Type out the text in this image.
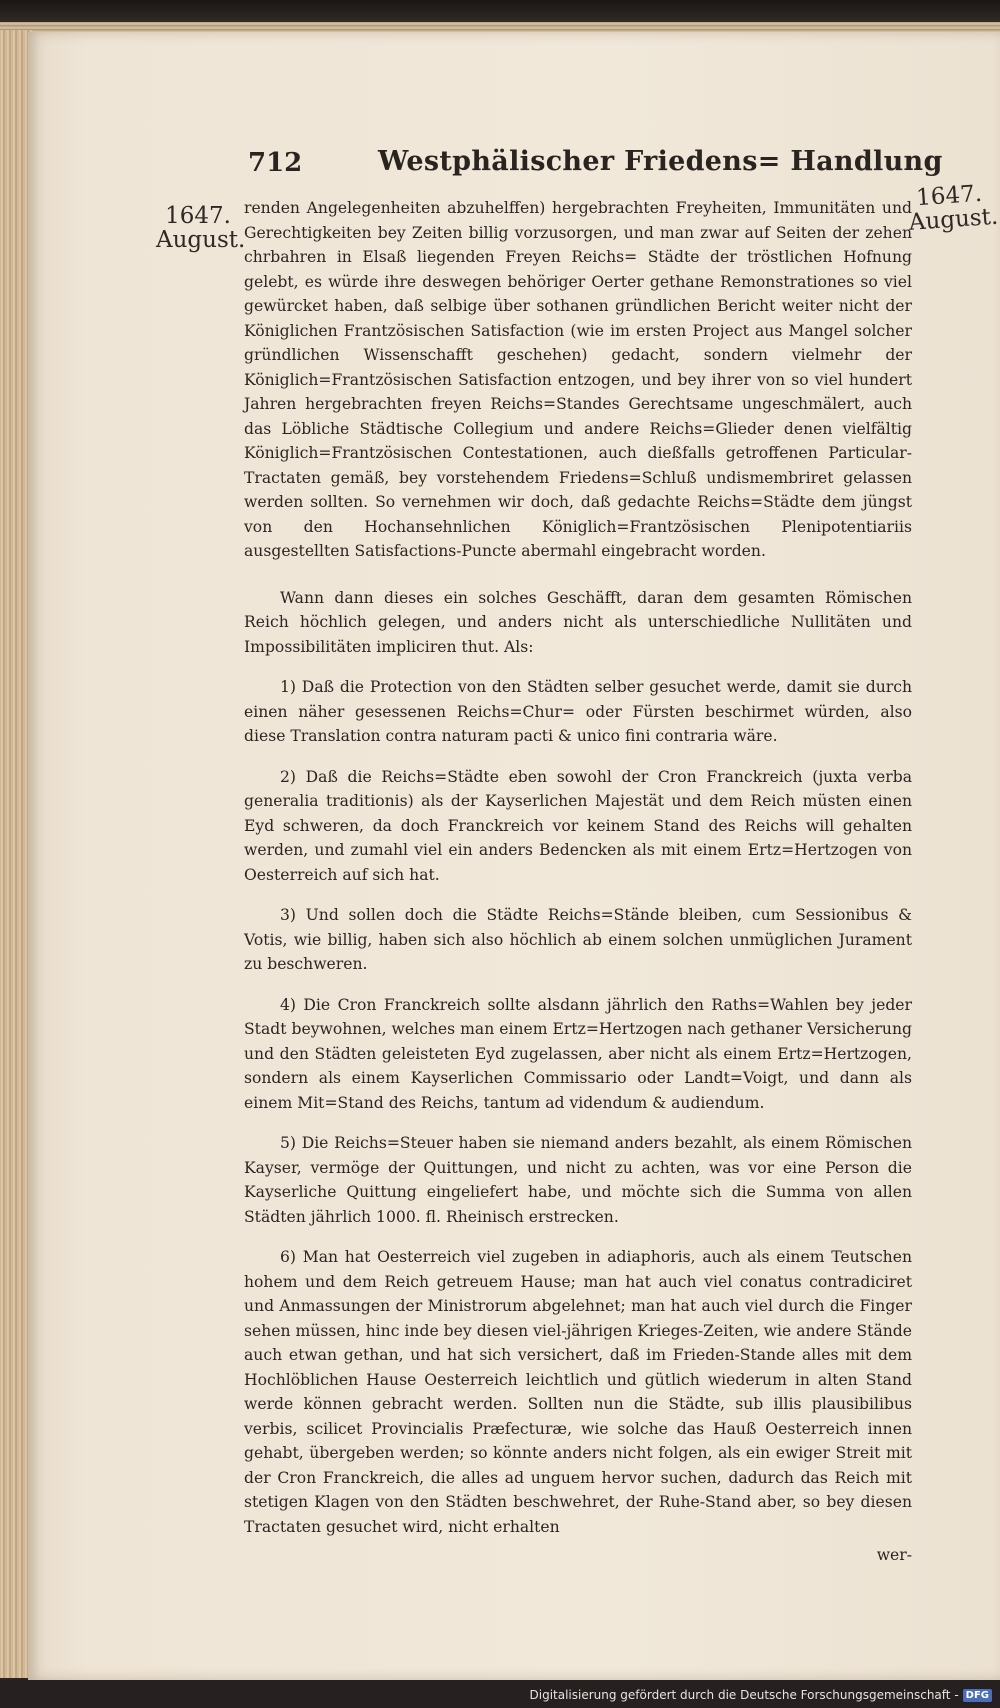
712	Westphälischer Friedens= Handlung
1647.
August.
1647.
August.

renden Angelegenheiten abzuhelffen) hergebrachten Freyheiten, Immunitäten und Gerechtigkeiten bey Zeiten billig vorzusorgen, und man zwar auf Seiten der zehen chrbahren in Elsaß liegenden Freyen Reichs= Städte der tröstlichen Hofnung gelebt, es würde ihre deswegen behöriger Oerter gethane Remonstrationes so viel gewürcket haben, daß selbige über sothanen gründlichen Bericht weiter nicht der Königlichen Frantzösischen Satisfaction (wie im ersten Project aus Mangel solcher gründlichen Wissenschafft geschehen) gedacht, sondern vielmehr der Königlich=Frantzösischen Satisfaction entzogen, und bey ihrer von so viel hundert Jahren hergebrachten freyen Reichs=Standes Gerechtsame ungeschmälert, auch das Löbliche Städtische Collegium und andere Reichs=Glieder denen vielfältig Königlich=Frantzösischen Contestationen, auch dießfalls getroffenen Particular-Tractaten gemäß, bey vorstehendem Friedens=Schluß undismembriret gelassen werden sollten. So vernehmen wir doch, daß gedachte Reichs=Städte dem jüngst von den Hochansehnlichen Königlich=Frantzösischen Plenipotentiariis ausgestellten Satisfactions-Puncte abermahl eingebracht worden.

Wann dann dieses ein solches Geschäfft, daran dem gesamten Römischen Reich höchlich gelegen, und anders nicht als unterschiedliche Nullitäten und Impossibilitäten impliciren thut. Als:

1) Daß die Protection von den Städten selber gesuchet werde, damit sie durch einen näher gesessenen Reichs=Chur= oder Fürsten beschirmet würden, also diese Translation contra naturam pacti & unico fini contraria wäre.

2) Daß die Reichs=Städte eben sowohl der Cron Franckreich (juxta verba generalia traditionis) als der Kayserlichen Majestät und dem Reich müsten einen Eyd schweren, da doch Franckreich vor keinem Stand des Reichs will gehalten werden, und zumahl viel ein anders Bedencken als mit einem Ertz=Hertzogen von Oesterreich auf sich hat.

3) Und sollen doch die Städte Reichs=Stände bleiben, cum Sessionibus & Votis, wie billig, haben sich also höchlich ab einem solchen unmüglichen Jurament zu beschweren.

4) Die Cron Franckreich sollte alsdann jährlich den Raths=Wahlen bey jeder Stadt beywohnen, welches man einem Ertz=Hertzogen nach gethaner Versicherung und den Städten geleisteten Eyd zugelassen, aber nicht als einem Ertz=Hertzogen, sondern als einem Kayserlichen Commissario oder Landt=Voigt, und dann als einem Mit=Stand des Reichs, tantum ad videndum & audiendum.

5) Die Reichs=Steuer haben sie niemand anders bezahlt, als einem Römischen Kayser, vermöge der Quittungen, und nicht zu achten, was vor eine Person die Kayserliche Quittung eingeliefert habe, und möchte sich die Summa von allen Städten jährlich 1000. fl. Rheinisch erstrecken.

6) Man hat Oesterreich viel zugeben in adiaphoris, auch als einem Teutschen hohem und dem Reich getreuem Hause; man hat auch viel conatus contradiciret und Anmassungen der Ministrorum abgelehnet; man hat auch viel durch die Finger sehen müssen, hinc inde bey diesen viel-jährigen Krieges-Zeiten, wie andere Stände auch etwan gethan, und hat sich versichert, daß im Frieden-Stande alles mit dem Hochlöblichen Hause Oesterreich leichtlich und gütlich wiederum in alten Stand werde können gebracht werden. Sollten nun die Städte, sub illis plausibilibus verbis, scilicet Provincialis Præfecturæ, wie solche das Hauß Oesterreich innen gehabt, übergeben werden; so könnte anders nicht folgen, als ein ewiger Streit mit der Cron Franckreich, die alles ad unguem hervor suchen, dadurch das Reich mit stetigen Klagen von den Städten beschwehret, der Ruhe-Stand aber, so bey diesen Tractaten gesuchet wird, nicht erhalten

wer-
Digitalisierung gefördert durch die Deutsche Forschungsgemeinschaft - DFG
